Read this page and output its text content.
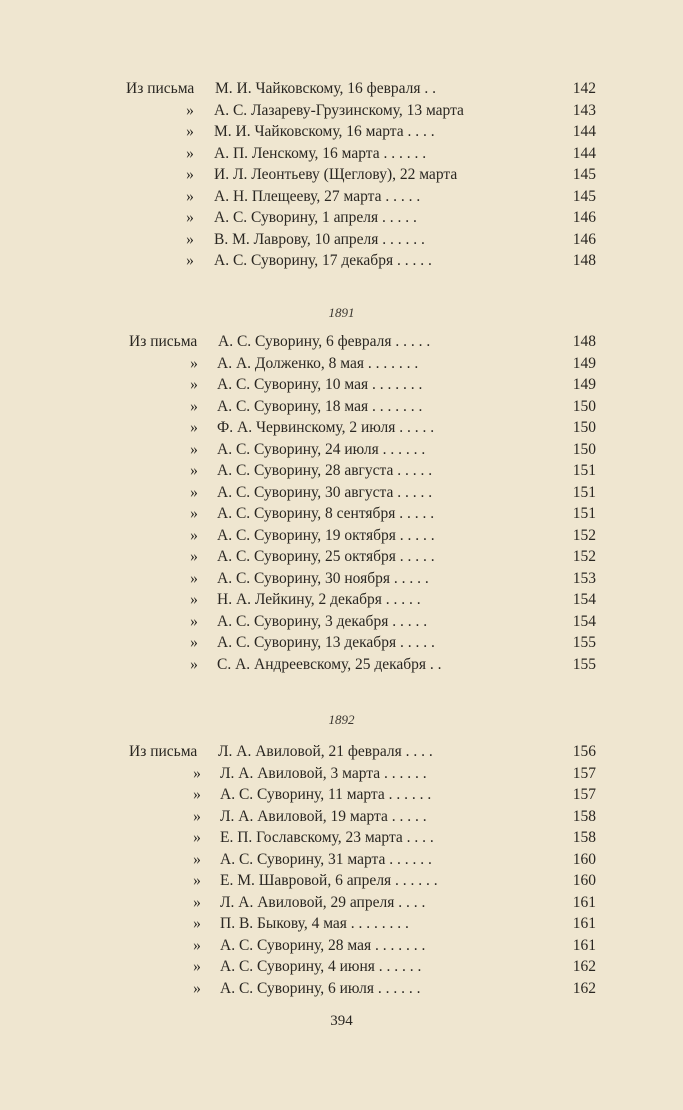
Из письма М. И. Чайковскому, 16 февраля . .	142
»	А. С. Лазареву-Грузинскому, 13 марта	143
»	М. И. Чайковскому, 16 марта . . . .	144
»	А. П. Ленскому, 16 марта . . . . . .	144
»	И. Л. Леонтьеву (Щеглову), 22 марта	145
»	А. Н. Плещееву, 27 марта . . . . .	145
»	А. С. Суворину, 1 апреля . . . . .	146
»	В. М. Лаврову, 10 апреля . . . . . .	146
»	А. С. Суворину, 17 декабря . . . . .	148
1891
Из письма А. С. Суворину, 6 февраля . . . . .	148
»	А. А. Долженко, 8 мая . . . . . . .	149
»	А. С. Суворину, 10 мая . . . . . . .	149
»	А. С. Суворину, 18 мая . . . . . . .	150
»	Ф. А. Червинскому, 2 июля . . . . .	150
»	А. С. Суворину, 24 июля . . . . . .	150
»	А. С. Суворину, 28 августа . . . . .	151
»	А. С. Суворину, 30 августа . . . . .	151
»	А. С. Суворину, 8 сентября . . . . .	151
»	А. С. Суворину, 19 октября . . . . .	152
»	А. С. Суворину, 25 октября . . . . .	152
»	А. С. Суворину, 30 ноября . . . . .	153
»	Н. А. Лейкину, 2 декабря . . . . .	154
»	А. С. Суворину, 3 декабря . . . . .	154
»	А. С. Суворину, 13 декабря . . . . .	155
»	С. А. Андреевскому, 25 декабря . .	155
1892
Из письма Л. А. Авиловой, 21 февраля . . . .	156
»	Л. А. Авиловой, 3 марта . . . . . .	157
»	А. С. Суворину, 11 марта . . . . . .	157
»	Л. А. Авиловой, 19 марта . . . . .	158
»	Е. П. Гославскому, 23 марта . . . .	158
»	А. С. Суворину, 31 марта . . . . . .	160
»	Е. М. Шавровой, 6 апреля . . . . . .	160
»	Л. А. Авиловой, 29 апреля . . . .	161
»	П. В. Быкову, 4 мая . . . . . . . .	161
»	А. С. Суворину, 28 мая . . . . . . .	161
»	А. С. Суворину, 4 июня . . . . . .	162
»	А. С. Суворину, 6 июля . . . . . .	162
394
